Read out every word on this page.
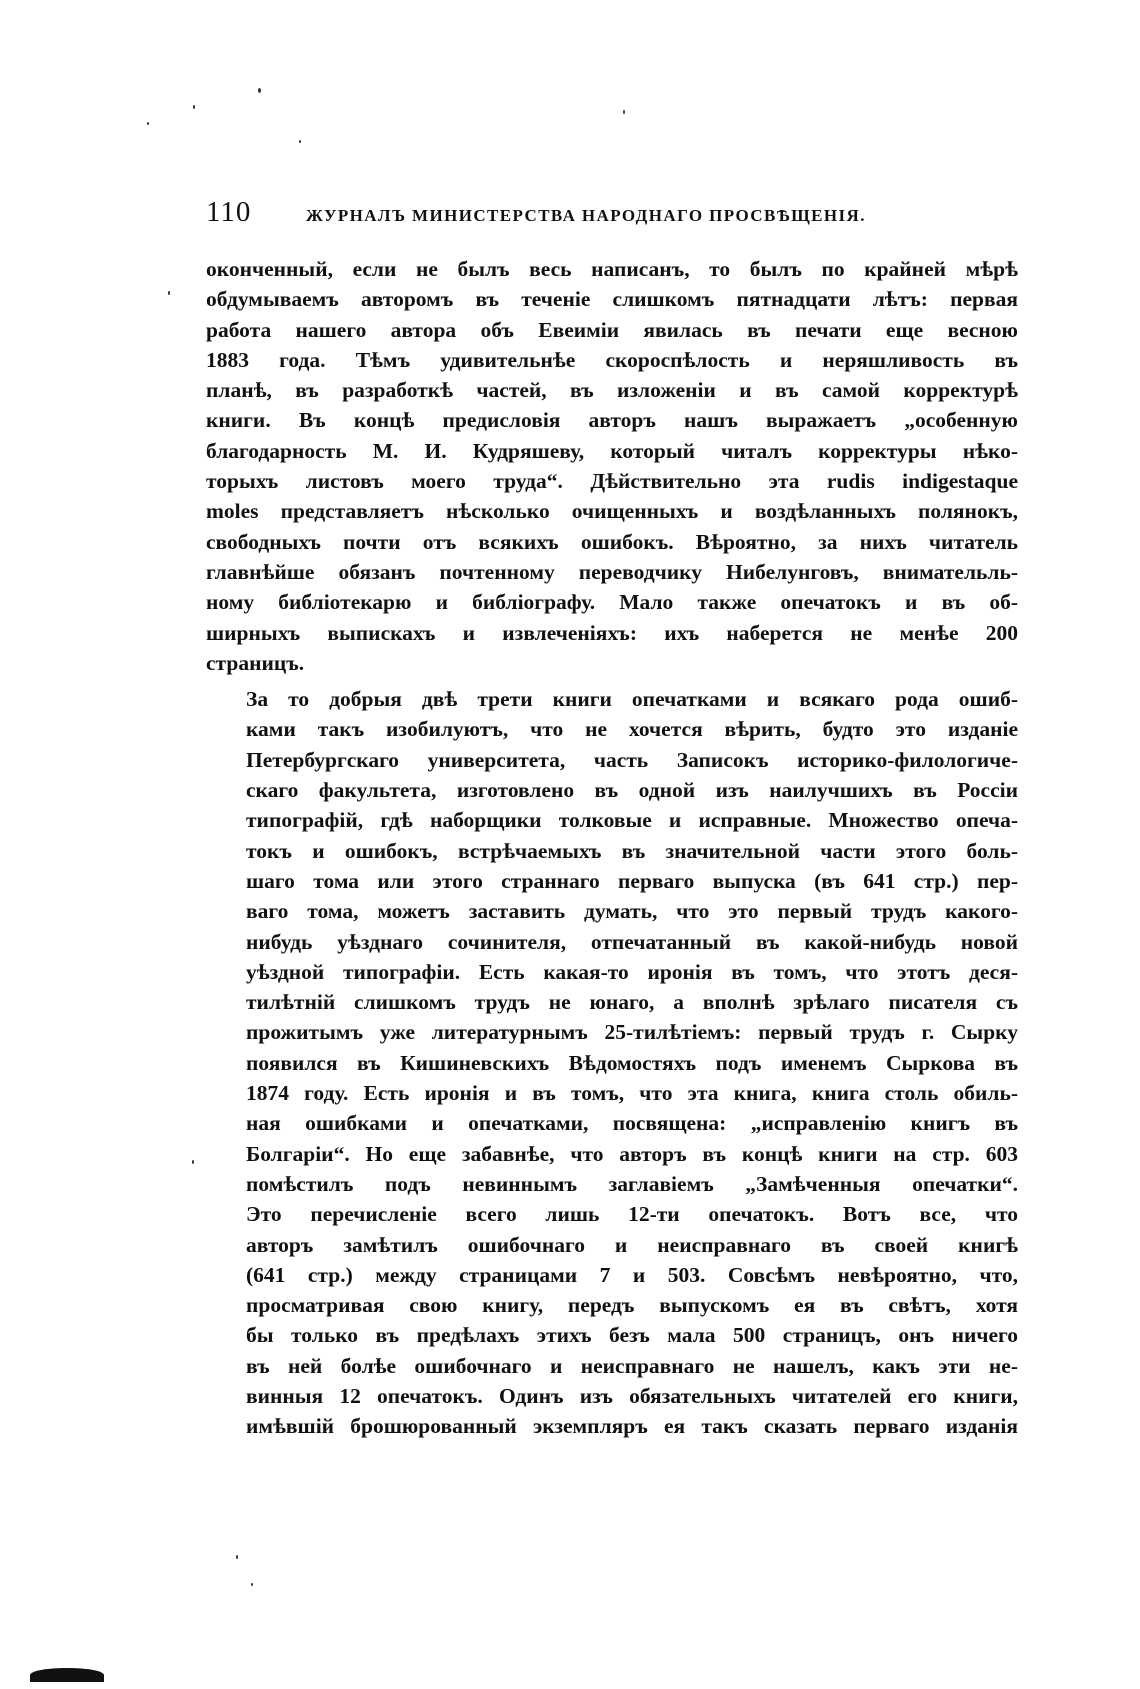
110	ЖУРНАЛЪ МИНИСТЕРСТВА НАРОДНАГО ПРОСВѢЩЕНІЯ.

оконченный, если не былъ весь написанъ, то былъ по крайней мѣрѣ
обдумываемъ авторомъ въ теченіе слишкомъ пятнадцати лѣтъ: первая
работа нашего автора объ Евеиміи явилась въ печати еще весною
1883 года. Тѣмъ удивительнѣе скороспѣлость и неряшливость въ
планѣ, въ разработкѣ частей, въ изложеніи и въ самой корректурѣ
книги. Въ концѣ предисловія авторъ нашъ выражаетъ „особенную
благодарность М. И. Кудряшеву, который читалъ корректуры нѣко-
торыхъ листовъ моего труда“. Дѣйствительно эта rudis indigestaque
moles представляетъ нѣсколько очищенныхъ и воздѣланныхъ полянокъ,
свободныхъ почти отъ всякихъ ошибокъ. Вѣроятно, за нихъ читатель
главнѣйше обязанъ почтенному переводчику Нибелунговъ, внимательль-
ному библіотекарю и библіографу. Мало также опечатокъ и въ об-
ширныхъ выпискахъ и извлеченіяхъ: ихъ наберется не менѣе 200
страницъ.

За то добрыя двѣ трети книги опечатками и всякаго рода ошиб-
ками такъ изобилуютъ, что не хочется вѣрить, будто это изданіе
Петербургскаго университета, часть Записокъ историко-филологиче-
скаго факультета, изготовлено въ одной изъ наилучшихъ въ Россіи
типографій, гдѣ наборщики толковые и исправные. Множество опеча-
токъ и ошибокъ, встрѣчаемыхъ въ значительной части этого боль-
шаго тома или этого страннаго перваго выпуска (въ 641 стр.) пер-
ваго тома, можетъ заставить думать, что это первый трудъ какого-
нибудь уѣзднаго сочинителя, отпечатанный въ какой-нибудь новой
уѣздной типографіи. Есть какая-то иронія въ томъ, что этотъ деся-
тилѣтній слишкомъ трудъ не юнаго, а вполнѣ зрѣлаго писателя съ
прожитымъ уже литературнымъ 25-тилѣтіемъ: первый трудъ г. Сырку
появился въ Кишиневскихъ Вѣдомостяхъ подъ именемъ Сыркова въ
1874 году. Есть иронія и въ томъ, что эта книга, книга столь обиль-
ная ошибками и опечатками, посвящена: „исправленію книгъ въ
Болгаріи“. Но еще забавнѣе, что авторъ въ концѣ книги на стр. 603
помѣстилъ подъ невиннымъ заглавіемъ „Замѣченныя опечатки“.
Это перечисленіе всего лишь 12-ти опечатокъ. Вотъ все, что
авторъ замѣтилъ ошибочнаго и неисправнаго въ своей книгѣ
(641 стр.) между страницами 7 и 503. Совсѣмъ невѣроятно, что,
просматривая свою книгу, передъ выпускомъ ея въ свѣтъ, хотя
бы только въ предѣлахъ этихъ безъ мала 500 страницъ, онъ ничего
въ ней болѣе ошибочнаго и неисправнаго не нашелъ, какъ эти не-
винныя 12 опечатокъ. Одинъ изъ обязательныхъ читателей его книги,
имѣвшій брошюрованный экземпляръ ея такъ сказать перваго изданія
